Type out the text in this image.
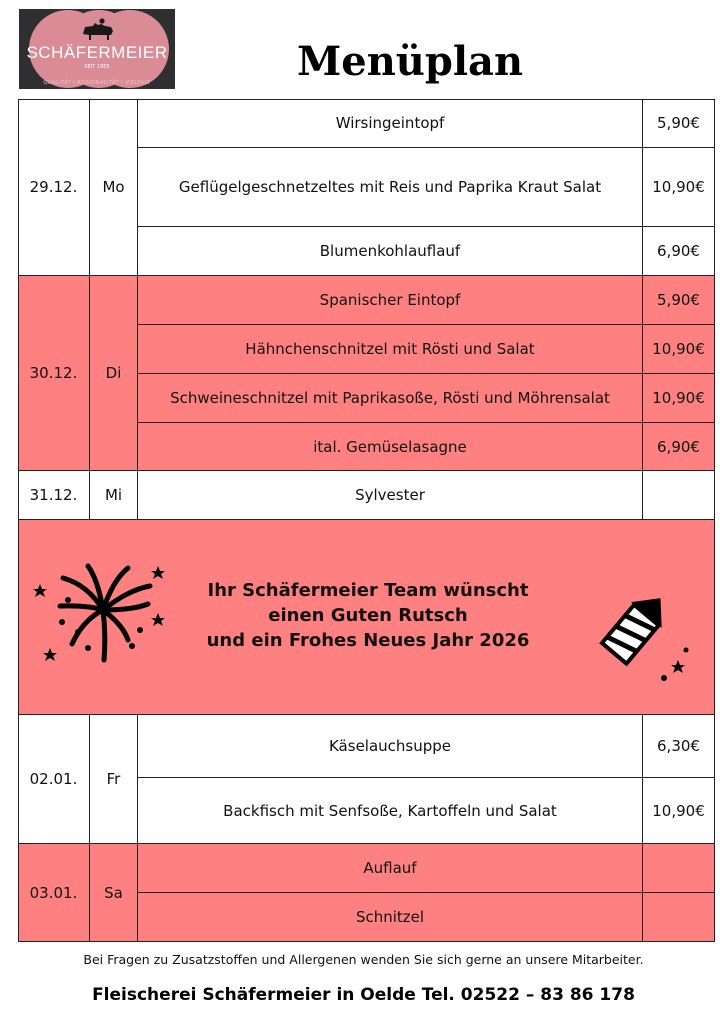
SCHÄFERMEIER
SEIT 1955
QUALITÄT | REGIONALITÄT | VIELFALT	Menüplan
29.12.	Mo
Wirsingeintopf	5,90€
Geflügelgeschnetzeltes mit Reis und Paprika Kraut Salat	10,90€
Blumenkohlauflauf	6,90€
30.12.	Di
Spanischer Eintopf	5,90€
Hähnchenschnitzel mit Rösti und Salat	10,90€
Schweineschnitzel mit Paprikasoße, Rösti und Möhrensalat	10,90€
ital. Gemüselasagne	6,90€
31.12.	Mi	Sylvester
Ihr Schäfermeier Team wünscht
einen Guten Rutsch
und ein Frohes Neues Jahr 2026
02.01.	Fr
Käselauchsuppe	6,30€
Backfisch mit Senfsoße, Kartoffeln und Salat	10,90€
03.01.	Sa
Auflauf
Schnitzel
Bei Fragen zu Zusatzstoffen und Allergenen wenden Sie sich gerne an unsere Mitarbeiter.
Fleischerei Schäfermeier in Oelde Tel. 02522 – 83 86 178
